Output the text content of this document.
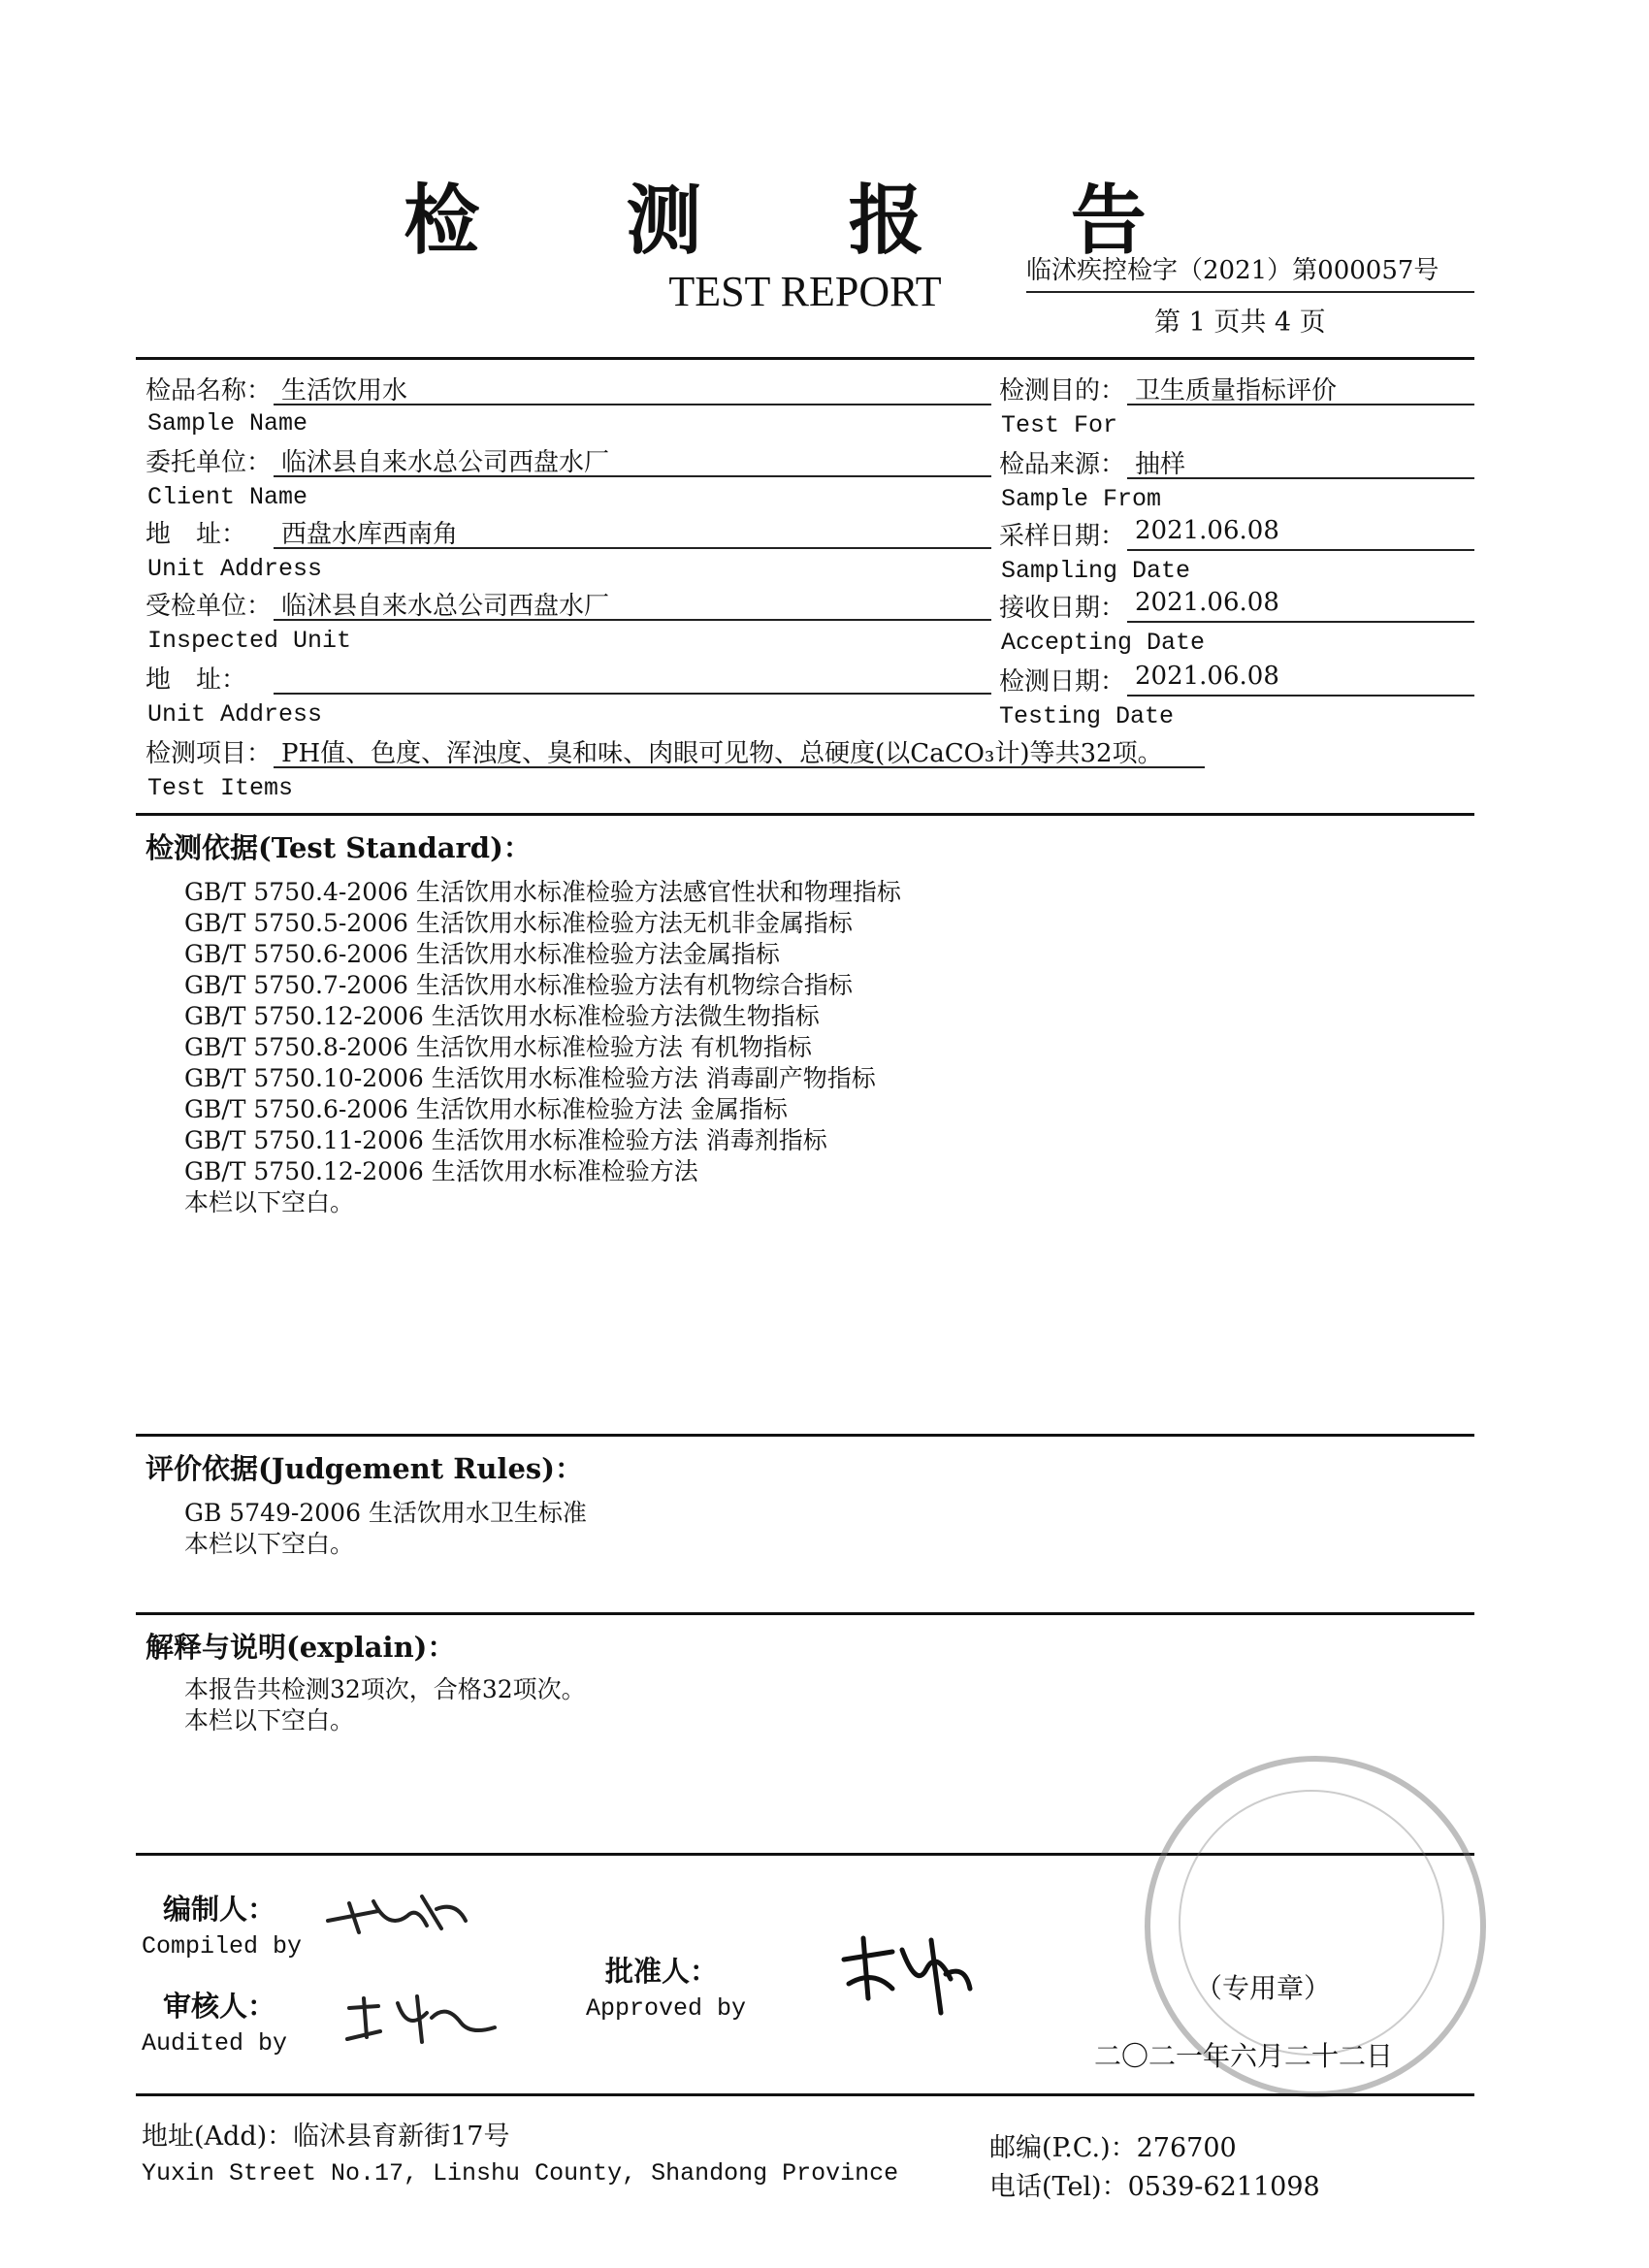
检 测 报 告
TEST REPORT	临沭疾控检字（2021）第000057号
第 1 页共 4 页
检品名称： 生活饮用水	检测目的： 卫生质量指标评价
Sample Name	Test For
委托单位： 临沭县自来水总公司西盘水厂	检品来源： 抽样
Client Name	Sample From
地　址： 西盘水库西南角	采样日期： 2021.06.08
Unit Address	Sampling Date
受检单位： 临沭县自来水总公司西盘水厂	接收日期： 2021.06.08
Inspected Unit	Accepting Date
地　址：	检测日期： 2021.06.08
Unit Address	Testing Date
检测项目： PH值、色度、浑浊度、臭和味、肉眼可见物、总硬度(以CaCO₃计)等共32项。
Test Items
检测依据(Test Standard)：
GB/T 5750.4-2006 生活饮用水标准检验方法感官性状和物理指标
GB/T 5750.5-2006 生活饮用水标准检验方法无机非金属指标
GB/T 5750.6-2006 生活饮用水标准检验方法金属指标
GB/T 5750.7-2006 生活饮用水标准检验方法有机物综合指标
GB/T 5750.12-2006 生活饮用水标准检验方法微生物指标
GB/T 5750.8-2006 生活饮用水标准检验方法 有机物指标
GB/T 5750.10-2006 生活饮用水标准检验方法 消毒副产物指标
GB/T 5750.6-2006 生活饮用水标准检验方法 金属指标
GB/T 5750.11-2006 生活饮用水标准检验方法 消毒剂指标
GB/T 5750.12-2006 生活饮用水标准检验方法
本栏以下空白。
评价依据(Judgement Rules)：
GB 5749-2006 生活饮用水卫生标准
本栏以下空白。
解释与说明(explain)：
本报告共检测32项次，合格32项次。
本栏以下空白。
编制人：
Compiled by
审核人：
Audited by
批准人：
Approved by
（专用章）
二〇二一年六月二十二日
地址(Add)：临沭县育新街17号
Yuxin Street No.17, Linshu County, Shandong Province
邮编(P.C.)：276700
电话(Tel)：0539-6211098
